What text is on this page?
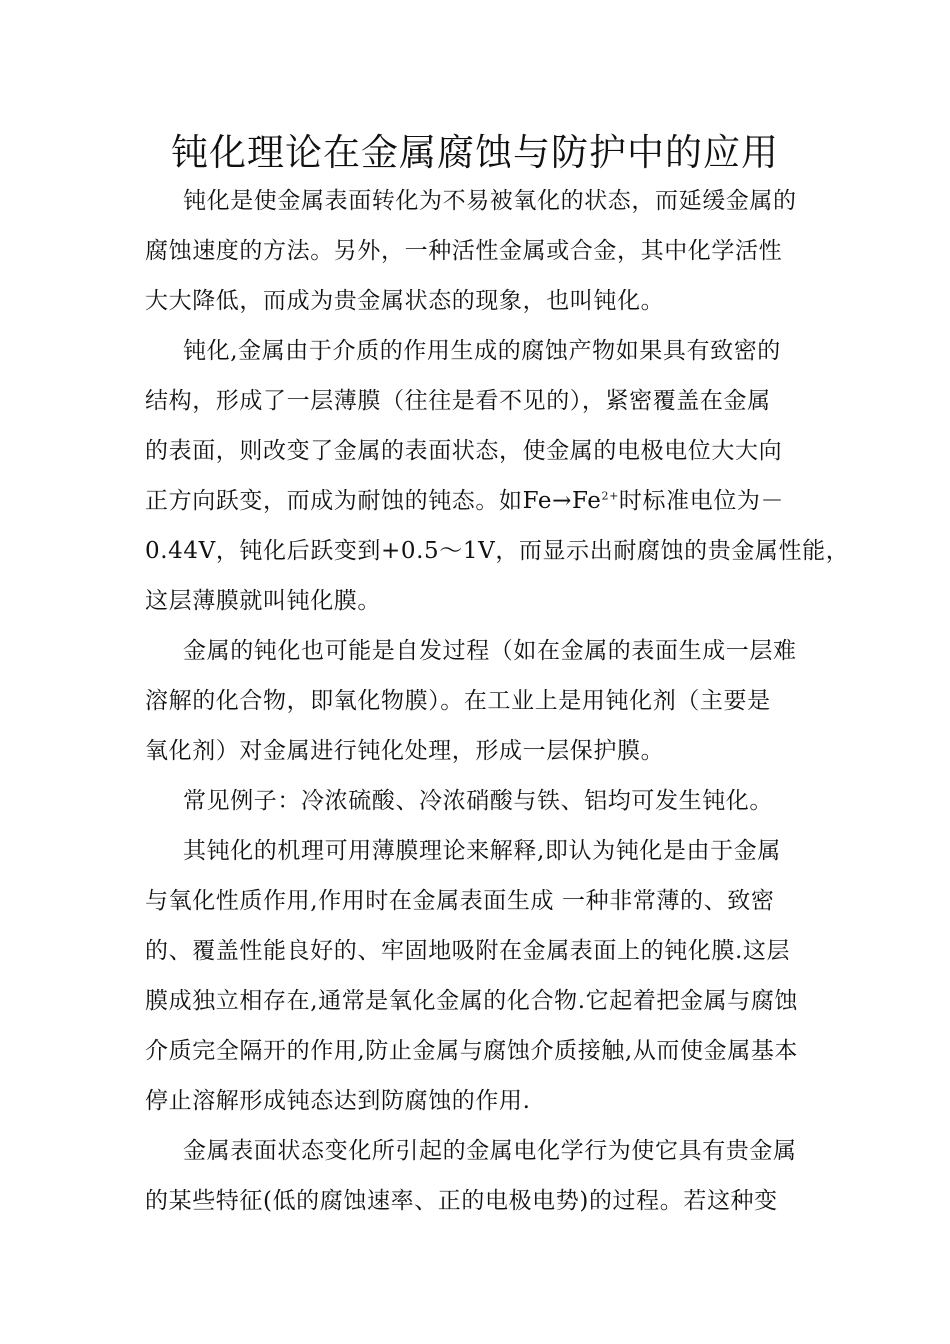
钝化理论在金属腐蚀与防护中的应用
钝化是使金属表面转化为不易被氧化的状态，而延缓金属的
腐蚀速度的方法。另外，一种活性金属或合金，其中化学活性
大大降低，而成为贵金属状态的现象，也叫钝化。
钝化,金属由于介质的作用生成的腐蚀产物如果具有致密的
结构，形成了一层薄膜（往往是看不见的），紧密覆盖在金属
的表面，则改变了金属的表面状态，使金属的电极电位大大向
正方向跃变，而成为耐蚀的钝态。如$Fe\to Fe^{2+}$时标准电位为－
0.44V，钝化后跃变到+0.5～1V，而显示出耐腐蚀的贵金属性能，
这层薄膜就叫钝化膜。
金属的钝化也可能是自发过程（如在金属的表面生成一层难
溶解的化合物，即氧化物膜）。在工业上是用钝化剂（主要是
氧化剂）对金属进行钝化处理，形成一层保护膜。
常见例子：冷浓硫酸、冷浓硝酸与铁、铝均可发生钝化。
其钝化的机理可用薄膜理论来解释,即认为钝化是由于金属
与氧化性质作用,作用时在金属表面生成 一种非常薄的、致密
的、覆盖性能良好的、牢固地吸附在金属表面上的钝化膜.这层
膜成独立相存在,通常是氧化金属的化合物.它起着把金属与腐蚀
介质完全隔开的作用,防止金属与腐蚀介质接触,从而使金属基本
停止溶解形成钝态达到防腐蚀的作用.
金属表面状态变化所引起的金属电化学行为使它具有贵金属
的某些特征(低的腐蚀速率、正的电极电势)的过程。若这种变
